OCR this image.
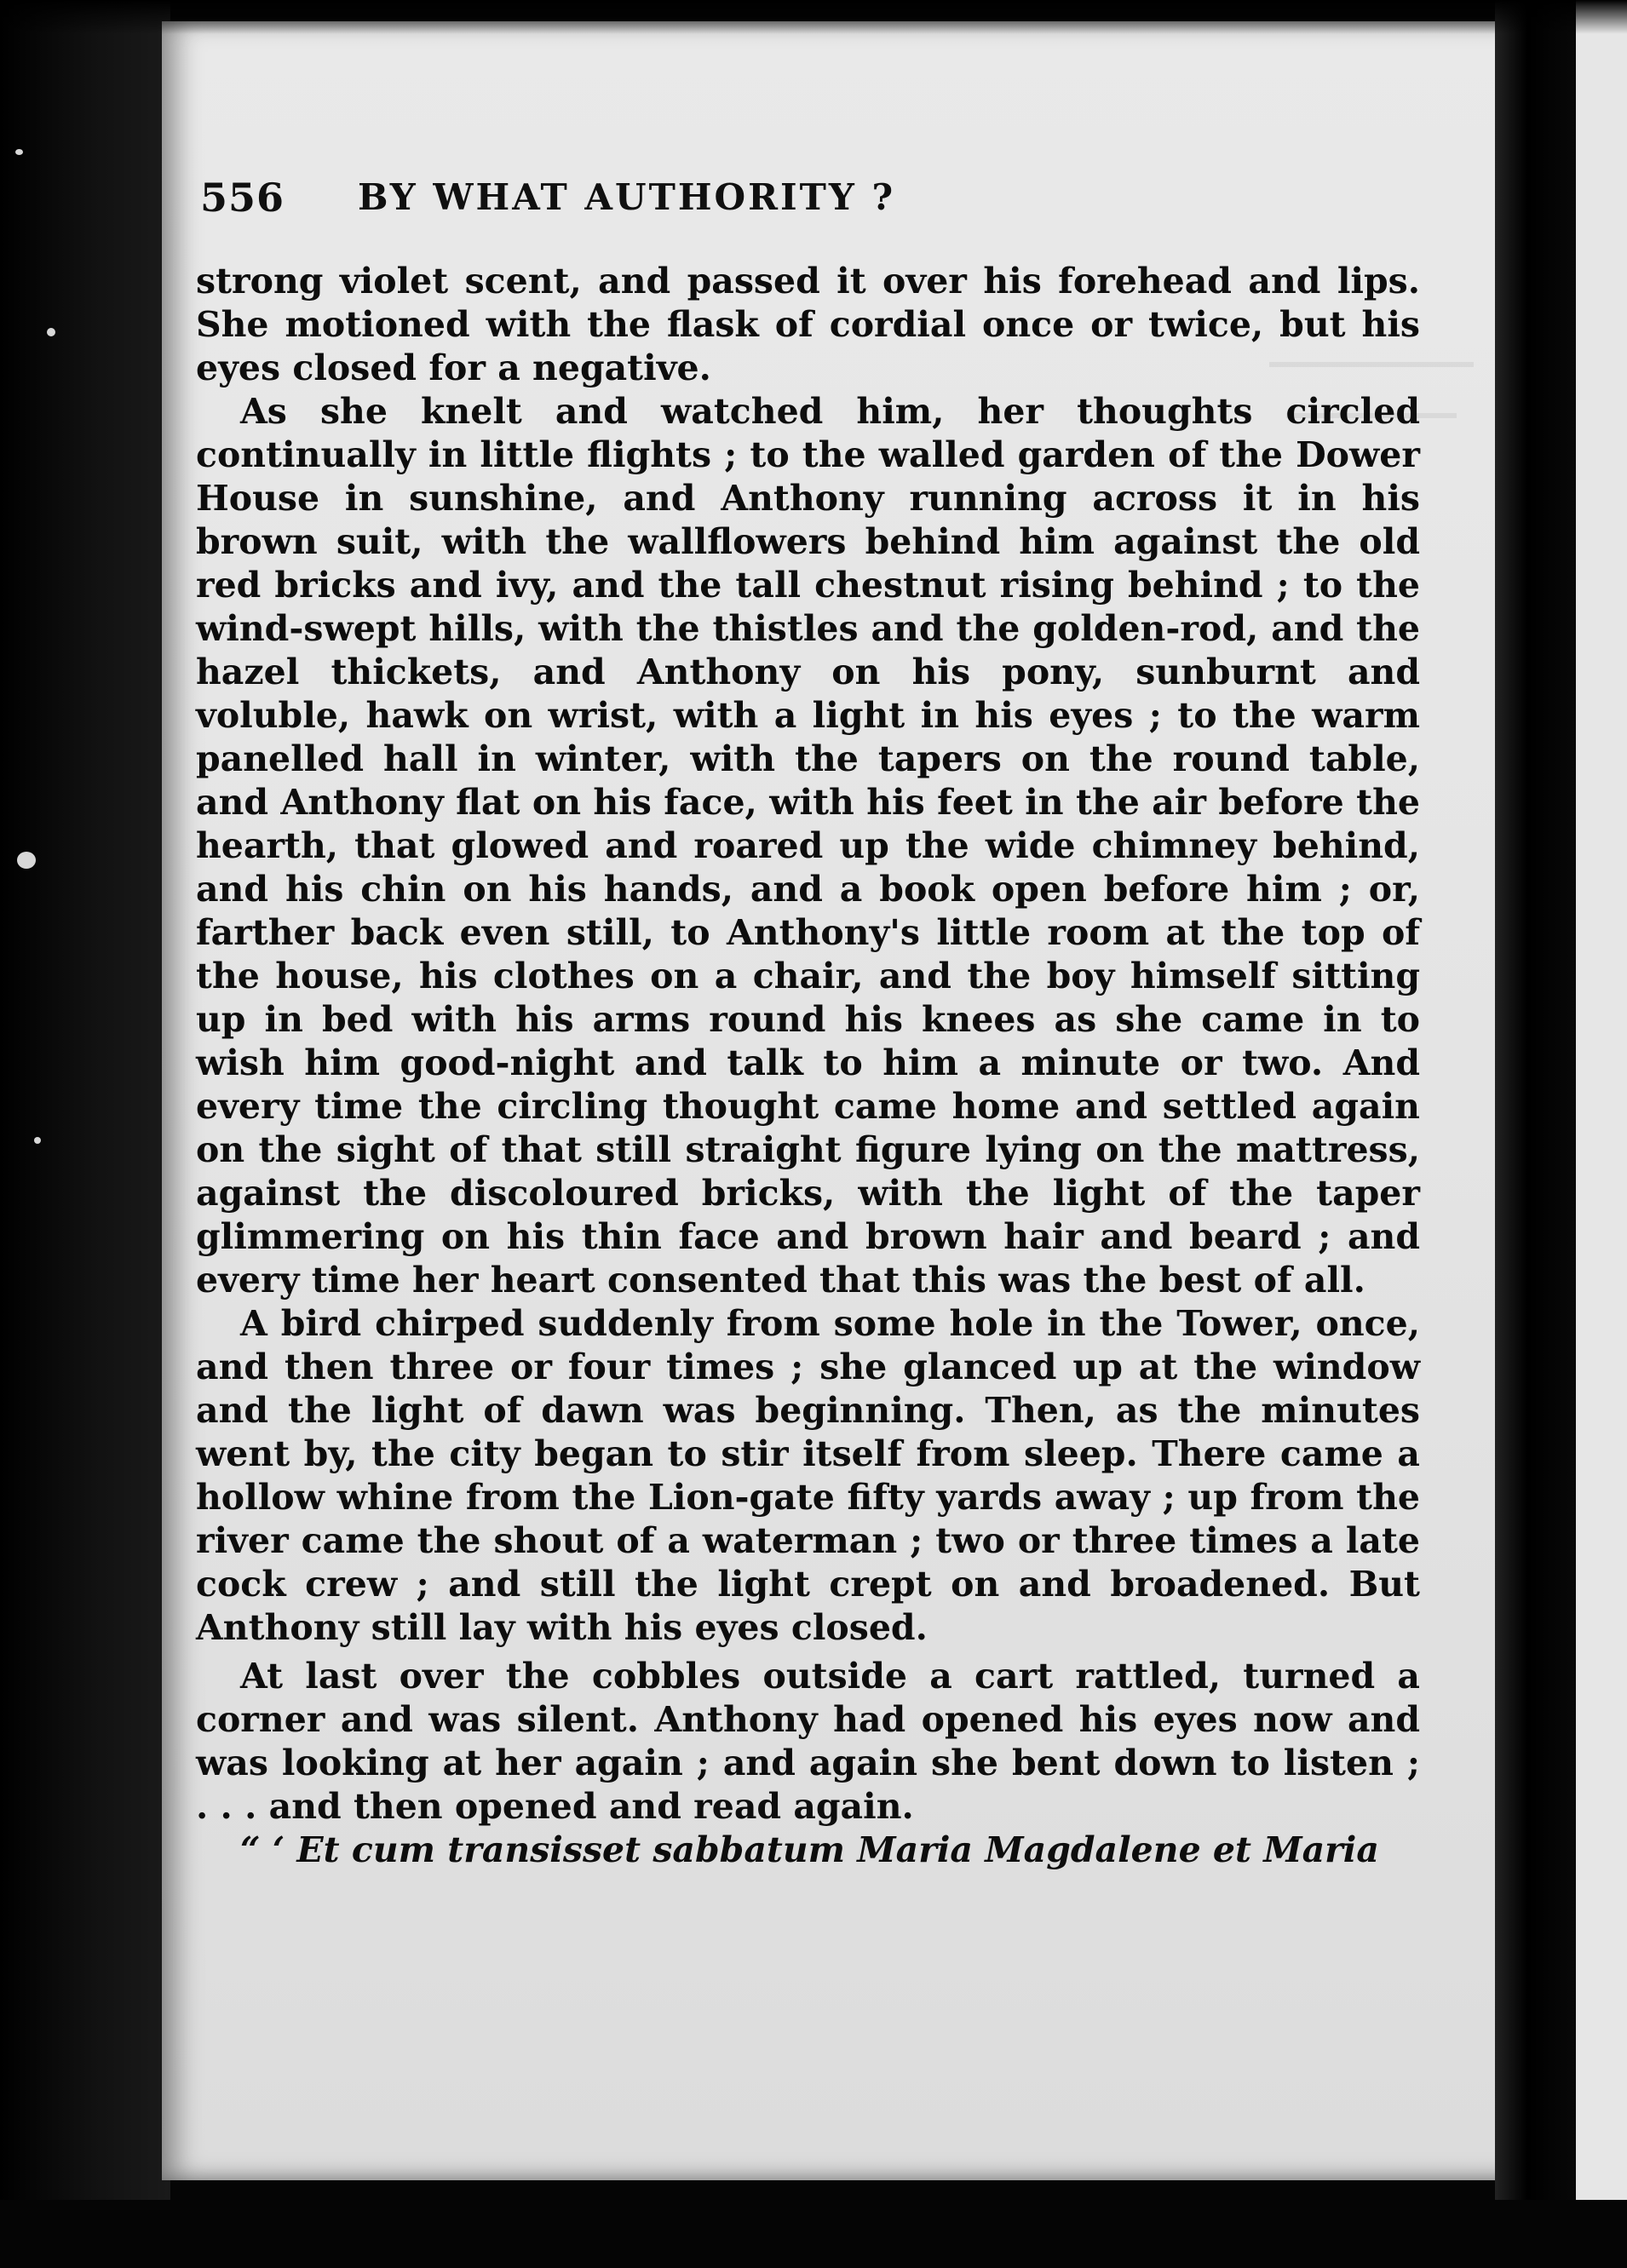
556 BY WHAT AUTHORITY ?

strong violet scent, and passed it over his forehead and lips. She motioned with the flask of cordial once or twice, but his eyes closed for a negative.

As she knelt and watched him, her thoughts circled continually in little flights ; to the walled garden of the Dower House in sunshine, and Anthony running across it in his brown suit, with the wallflowers behind him against the old red bricks and ivy, and the tall chestnut rising behind ; to the wind-swept hills, with the thistles and the golden-rod, and the hazel thickets, and Anthony on his pony, sunburnt and voluble, hawk on wrist, with a light in his eyes ; to the warm panelled hall in winter, with the tapers on the round table, and Anthony flat on his face, with his feet in the air before the hearth, that glowed and roared up the wide chimney behind, and his chin on his hands, and a book open before him ; or, farther back even still, to Anthony's little room at the top of the house, his clothes on a chair, and the boy himself sitting up in bed with his arms round his knees as she came in to wish him good-night and talk to him a minute or two. And every time the circling thought came home and settled again on the sight of that still straight figure lying on the mattress, against the discoloured bricks, with the light of the taper glimmering on his thin face and brown hair and beard ; and every time her heart consented that this was the best of all.

A bird chirped suddenly from some hole in the Tower, once, and then three or four times ; she glanced up at the window and the light of dawn was beginning. Then, as the minutes went by, the city began to stir itself from sleep. There came a hollow whine from the Lion-gate fifty yards away ; up from the river came the shout of a waterman ; two or three times a late cock crew ; and still the light crept on and broadened. But Anthony still lay with his eyes closed.

At last over the cobbles outside a cart rattled, turned a corner and was silent. Anthony had opened his eyes now and was looking at her again ; and again she bent down to listen ; . . . and then opened and read again.

“ ‘ Et cum transisset sabbatum Maria Magdalene et Maria
